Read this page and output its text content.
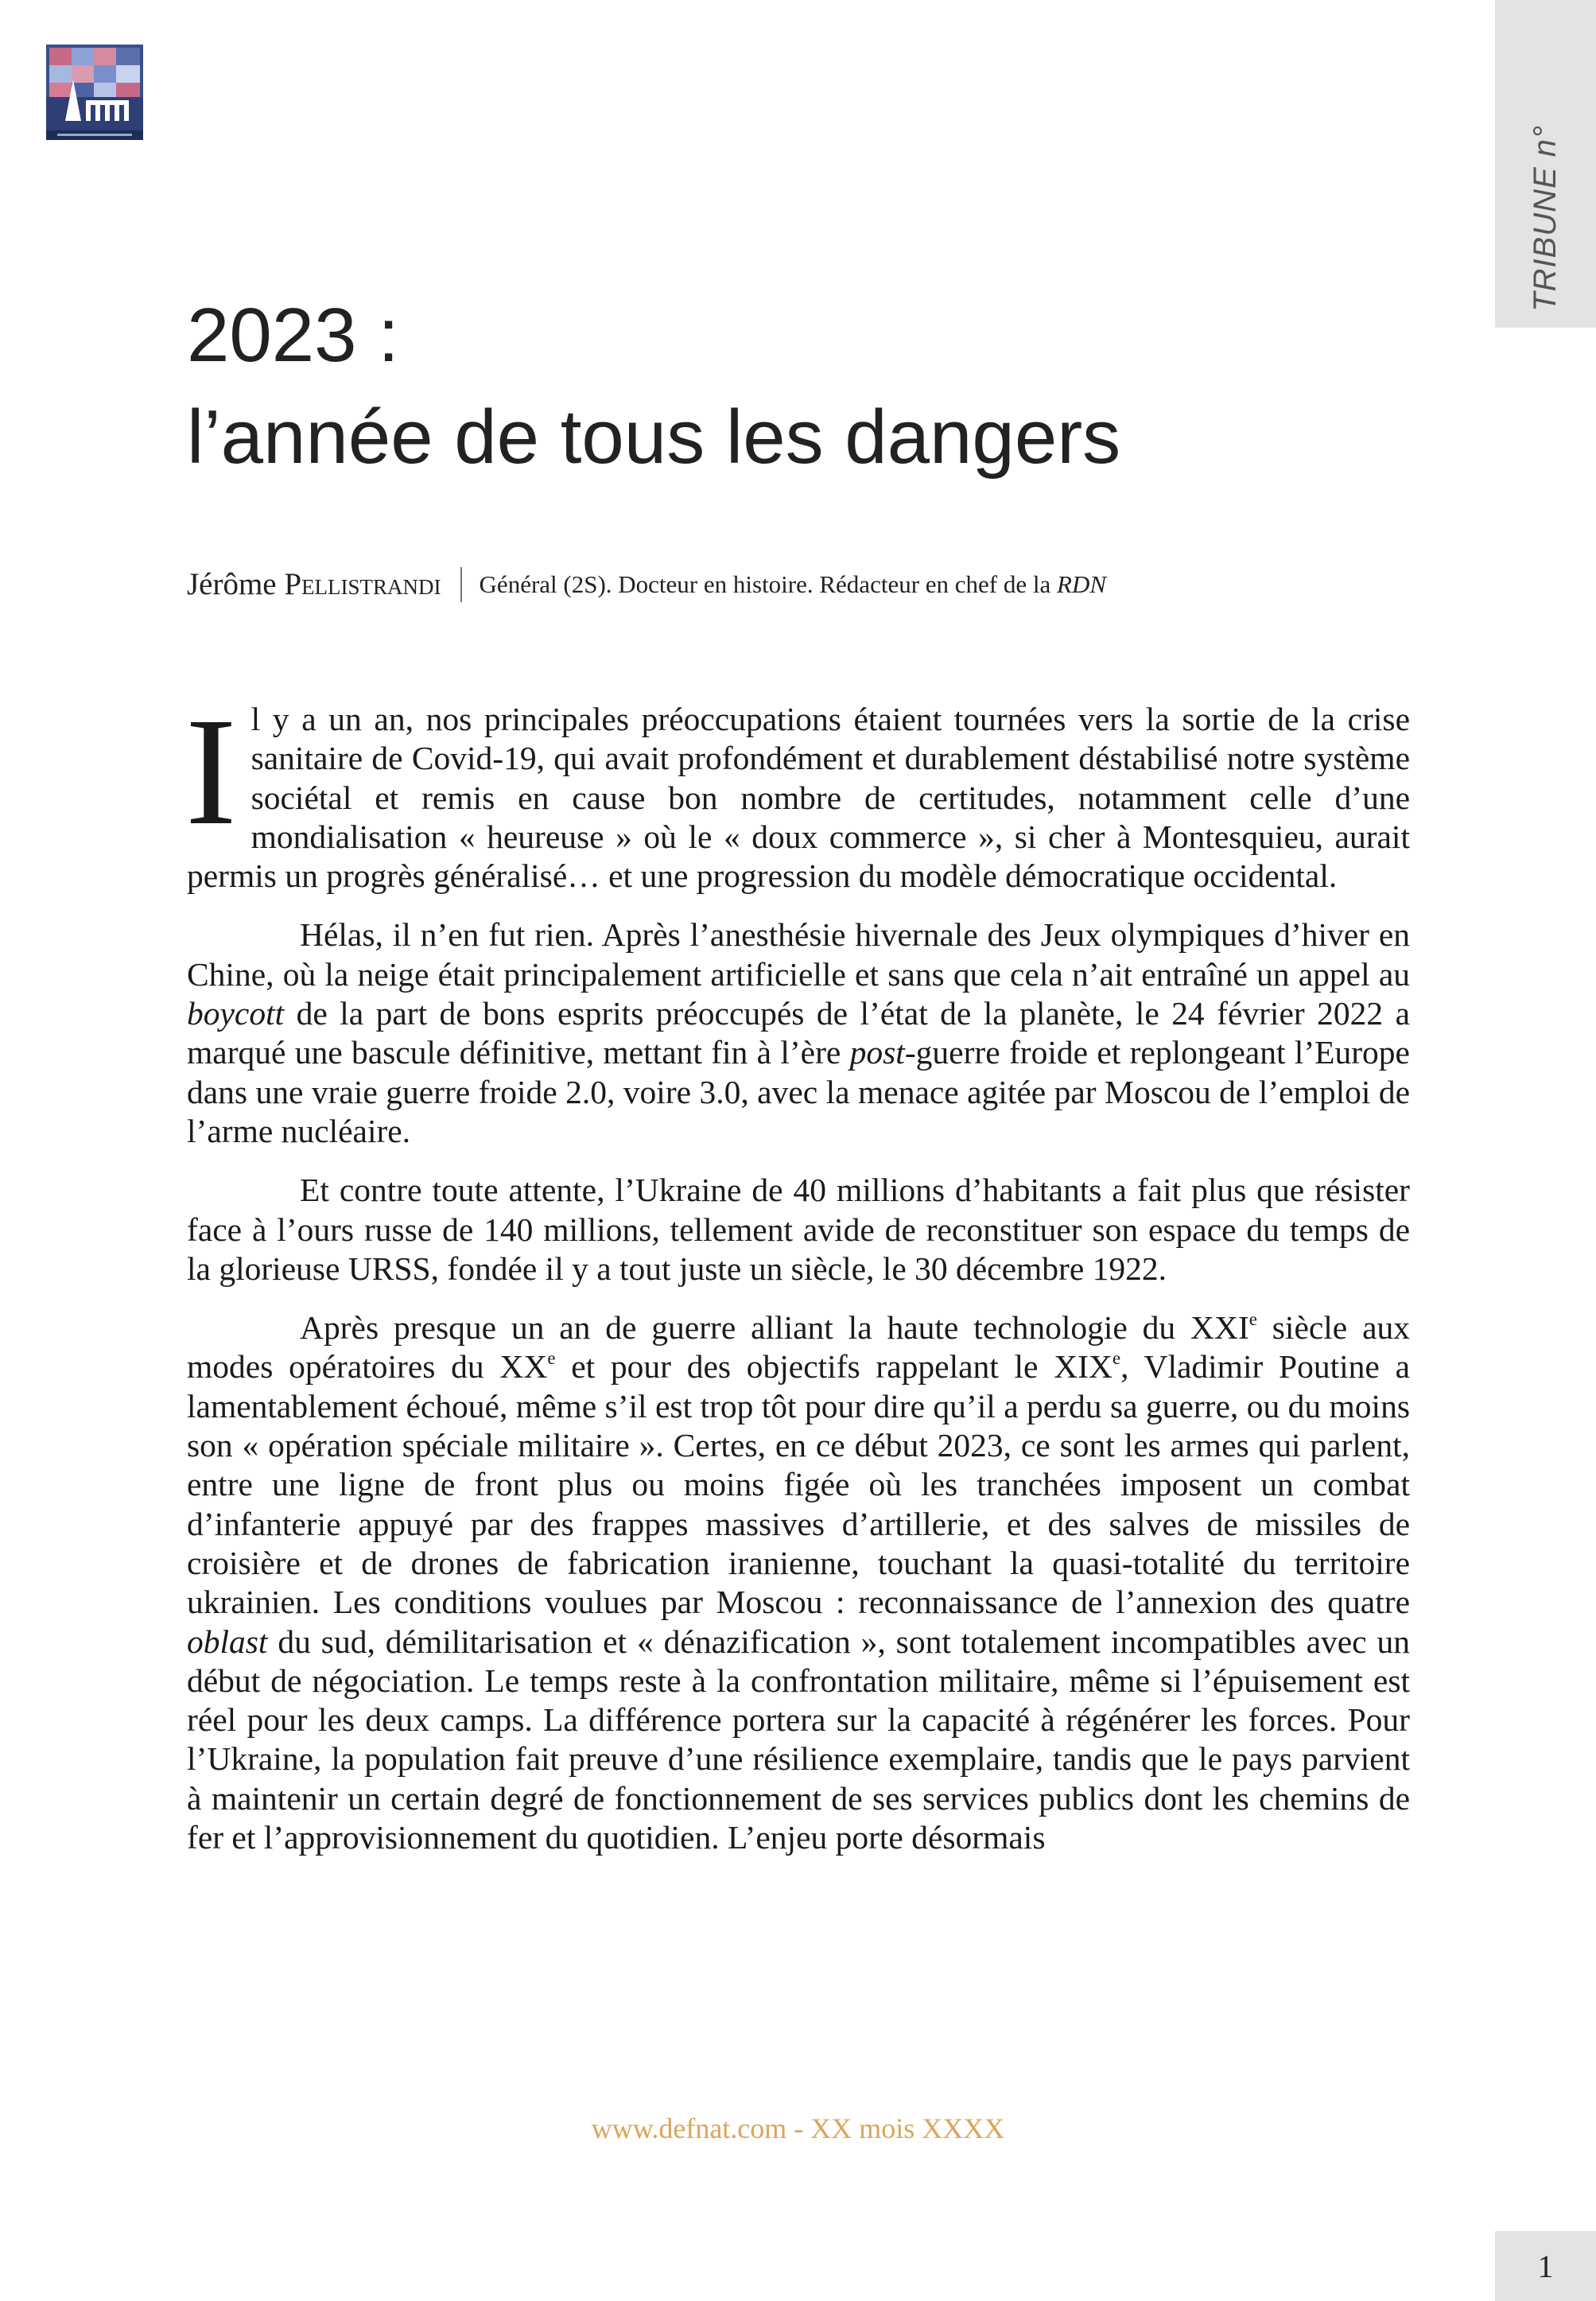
TRIBUNE n°
2023 :
l’année de tous les dangers
Jérôme Pellistrandi Général (2S). Docteur en histoire. Rédacteur en chef de la RDN

Il y a un an, nos principales préoccupations étaient tournées vers la sortie de la crise sanitaire de Covid-19, qui avait profondément et durablement déstabilisé notre système sociétal et remis en cause bon nombre de certitudes, notamment celle d’une mondialisation « heureuse » où le « doux commerce », si cher à Montesquieu, aurait permis un progrès généralisé… et une progression du modèle démocratique occidental.

Hélas, il n’en fut rien. Après l’anesthésie hivernale des Jeux olympiques d’hiver en Chine, où la neige était principalement artificielle et sans que cela n’ait entraîné un appel au boycott de la part de bons esprits préoccupés de l’état de la planète, le 24 février 2022 a marqué une bascule définitive, mettant fin à l’ère post-guerre froide et replongeant l’Europe dans une vraie guerre froide 2.0, voire 3.0, avec la menace agitée par Moscou de l’emploi de l’arme nucléaire.

Et contre toute attente, l’Ukraine de 40 millions d’habitants a fait plus que résister face à l’ours russe de 140 millions, tellement avide de reconstituer son espace du temps de la glorieuse URSS, fondée il y a tout juste un siècle, le 30 décembre 1922.

Après presque un an de guerre alliant la haute technologie du XXIe siècle aux modes opératoires du XXe et pour des objectifs rappelant le XIXe, Vladimir Poutine a lamentablement échoué, même s’il est trop tôt pour dire qu’il a perdu sa guerre, ou du moins son « opération spéciale militaire ». Certes, en ce début 2023, ce sont les armes qui parlent, entre une ligne de front plus ou moins figée où les tranchées imposent un combat d’infanterie appuyé par des frappes massives d’artillerie, et des salves de missiles de croisière et de drones de fabrication iranienne, touchant la quasi-totalité du territoire ukrainien. Les conditions voulues par Moscou : reconnaissance de l’annexion des quatre oblast du sud, démilitarisation et « dénazification », sont totalement incompatibles avec un début de négociation. Le temps reste à la confrontation militaire, même si l’épuisement est réel pour les deux camps. La différence portera sur la capacité à régénérer les forces. Pour l’Ukraine, la population fait preuve d’une résilience exemplaire, tandis que le pays parvient à maintenir un certain degré de fonctionnement de ses services publics dont les chemins de fer et l’approvisionnement du quotidien. L’enjeu porte désormais

www.defnat.com - XX mois XXXX
1
